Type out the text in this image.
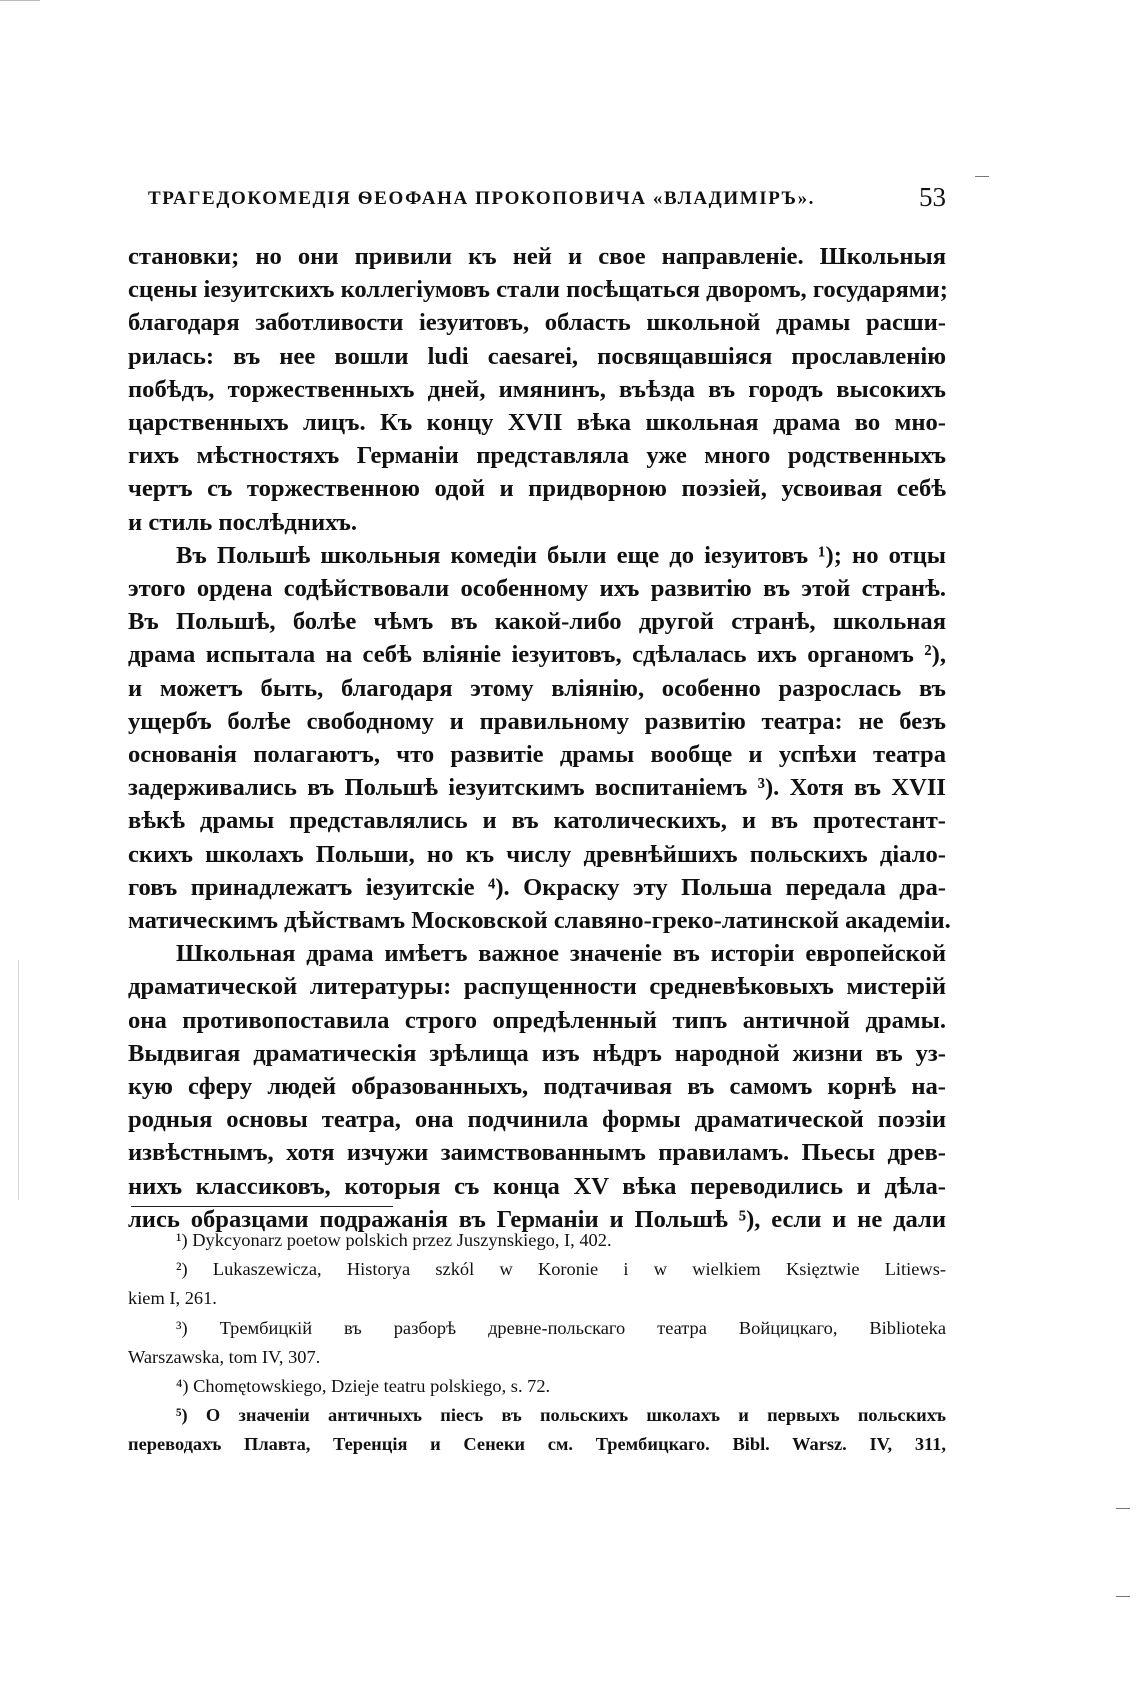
ТРАГЕДОКОМЕДІЯ ѲЕОФАНА ПРОКОПОВИЧА «ВЛАДИМІРЪ».	53
становки; но они привили къ ней и свое направленіе. Школьныя
сцены іезуитскихъ коллегіумовъ стали посѣщаться дворомъ, государями;
благодаря заботливости іезуитовъ, область школьной драмы расши-
рилась: въ нее вошли ludi caesarei, посвящавшіяся прославленію
побѣдъ, торжественныхъ дней, имянинъ, въѣзда въ городъ высокихъ
царственныхъ лицъ. Къ концу XVII вѣка школьная драма во мно-
гихъ мѣстностяхъ Германіи представляла уже много родственныхъ
чертъ съ торжественною одой и придворною поэзіей, усвоивая себѣ
и стиль послѣднихъ.
Въ Польшѣ школьныя комедіи были еще до іезуитовъ ¹); но отцы
этого ордена содѣйствовали особенному ихъ развитію въ этой странѣ.
Въ Польшѣ, болѣе чѣмъ въ какой-либо другой странѣ, школьная
драма испытала на себѣ вліяніе іезуитовъ, сдѣлалась ихъ органомъ ²),
и можетъ быть, благодаря этому вліянію, особенно разрослась въ
ущербъ болѣе свободному и правильному развитію театра: не безъ
основанія полагаютъ, что развитіе драмы вообще и успѣхи театра
задерживались въ Польшѣ іезуитскимъ воспитаніемъ ³). Хотя въ XVII
вѣкѣ драмы представлялись и въ католическихъ, и въ протестант-
скихъ школахъ Польши, но къ числу древнѣйшихъ польскихъ діало-
говъ принадлежатъ іезуитскіе ⁴). Окраску эту Польша передала дра-
матическимъ дѣйствамъ Московской славяно-греко-латинской академіи.
Школьная драма имѣетъ важное значеніе въ исторіи европейской
драматической литературы: распущенности средневѣковыхъ мистерій
она противопоставила строго опредѣленный типъ античной драмы.
Выдвигая драматическія зрѣлища изъ нѣдръ народной жизни въ уз-
кую сферу людей образованныхъ, подтачивая въ самомъ корнѣ на-
родныя основы театра, она подчинила формы драматической поэзіи
извѣстнымъ, хотя изчужи заимствованнымъ правиламъ. Пьесы древ-
нихъ классиковъ, которыя съ конца XV вѣка переводились и дѣла-
лись образцами подражанія въ Германіи и Польшѣ ⁵), если и не дали
¹) Dykcyonarz poetow polskich przez Juszynskiego, I, 402.
²) Lukaszewicza, Historya szkól w Koronie i w wielkiem Księztwie Litiews-
kiem I, 261.
³) Трембицкій въ разборѣ древне-польскаго театра Войцицкаго, Biblioteka
Warszawska, tom IV, 307.
⁴) Chomętowskiego, Dzieje teatru polskiego, s. 72.
⁵) О значеніи античныхъ піесъ въ польскихъ школахъ и первыхъ польскихъ
переводахъ Плавта, Теренція и Сенеки см. Трембицкаго. Bibl. Warsz. IV, 311,
